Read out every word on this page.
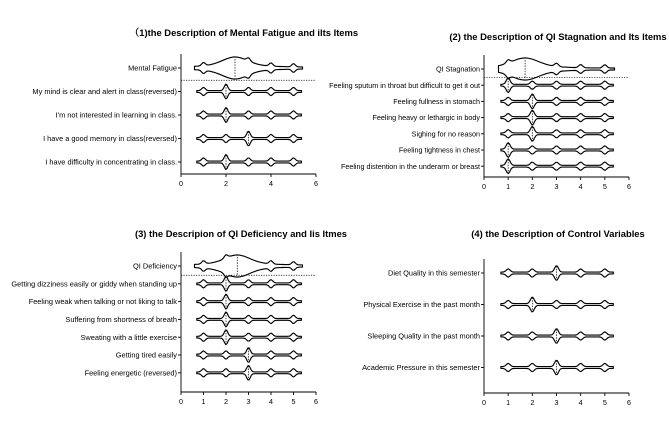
（1)the Description of Mental Fatigue and ilts Items
0	2	4	6
Mental Fatigue
My mind is clear and alert in class(reversed)
I'm not interested in learning in class.
I have a good memory in class(reversed)
I have difficulty in concentrating in class.
(2) the Description of QI Stagnation and Its Items
0	1	2	3	4	5	6
QI Stagnation
Feeling sputum in throat but difficult to get it out
Feeling fullness in stomach
Feeling heavy or lethargic in body
Sighing for no reason
Feeling tightness in chest
Feeling distention in the underarm or breast
(3) the Descripion of QI Deficiency and Iis Itmes
0	1	2	3	4	5	6
QI Deficiency
Getting dizziness easily or giddy when standing up
Feeling weak when talking or not liking to talk
Suffering from shortness of breath
Sweating with a little exercise
Getting tired easily
Feeling energetic (reversed)
(4) the Description of Control Variables
0	1	2	3	4	5	6
Diet Quality in this semester
Physical Exercise in the past month
Sleeping Quality in the past month
Academic Pressure in this semester
